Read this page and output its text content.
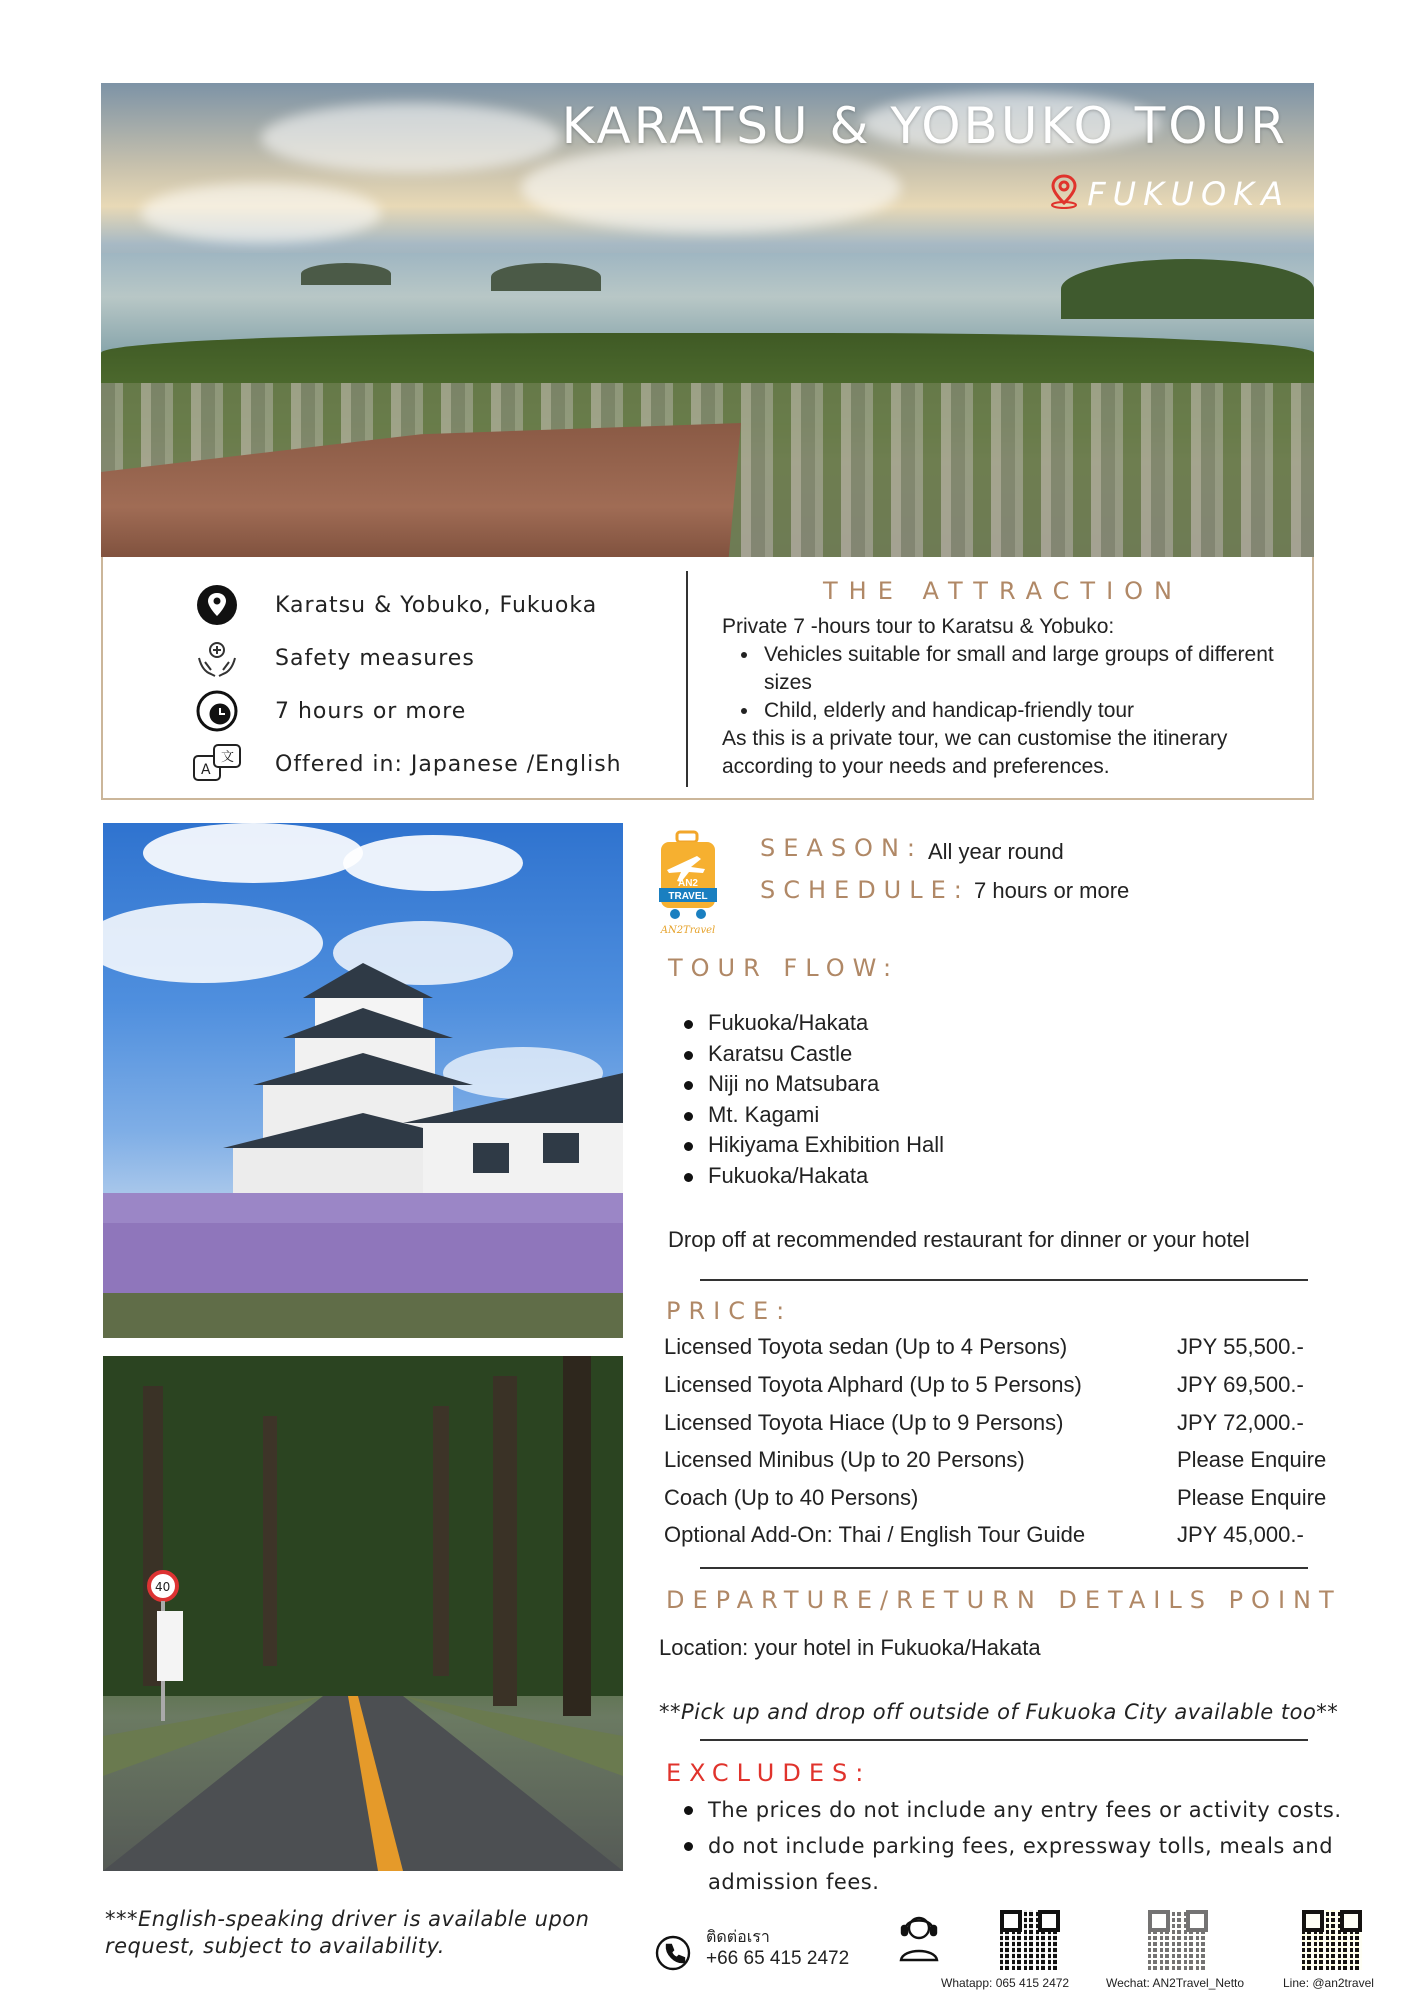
KARATSU & YOBUKO TOUR
FUKUOKA
Karatsu & Yobuko, Fukuoka
Safety measures
7 hours or more
A
文 Offered in: Japanese /English
THE ATTRACTION
Private 7 -hours tour to Karatsu & Yobuko:
• Vehicles suitable for small and large groups of different sizes
• Child, elderly and handicap-friendly tour
As this is a private tour, we can customise the itinerary according to your needs and preferences.
40
AN2
TRAVEL
AN2Travel
SEASON: All year round
SCHEDULE: 7 hours or more
TOUR FLOW:
Fukuoka/Hakata
Karatsu Castle
Niji no Matsubara
Mt. Kagami
Hikiyama Exhibition Hall
Fukuoka/Hakata
Drop off at recommended restaurant for dinner or your hotel
PRICE:
Licensed Toyota sedan (Up to 4 Persons)	JPY 55,500.-
Licensed Toyota Alphard (Up to 5 Persons)	JPY 69,500.-
Licensed Toyota Hiace (Up to 9 Persons)	JPY 72,000.-
Licensed Minibus (Up to 20 Persons)	Please Enquire
Coach (Up to 40 Persons)	Please Enquire
Optional Add-On: Thai / English Tour Guide	JPY 45,000.-
DEPARTURE/RETURN DETAILS POINT
Location: your hotel in Fukuoka/Hakata
**Pick up and drop off outside of Fukuoka City available too**
EXCLUDES:
The prices do not include any entry fees or activity costs.
do not include parking fees, expressway tolls, meals and admission fees.
***English-speaking driver is available upon request, subject to availability.	ติดต่อเรา
+66 65 415 2472
Whatapp: 065 415 2472	Wechat: AN2Travel_Netto	Line: @an2travel
